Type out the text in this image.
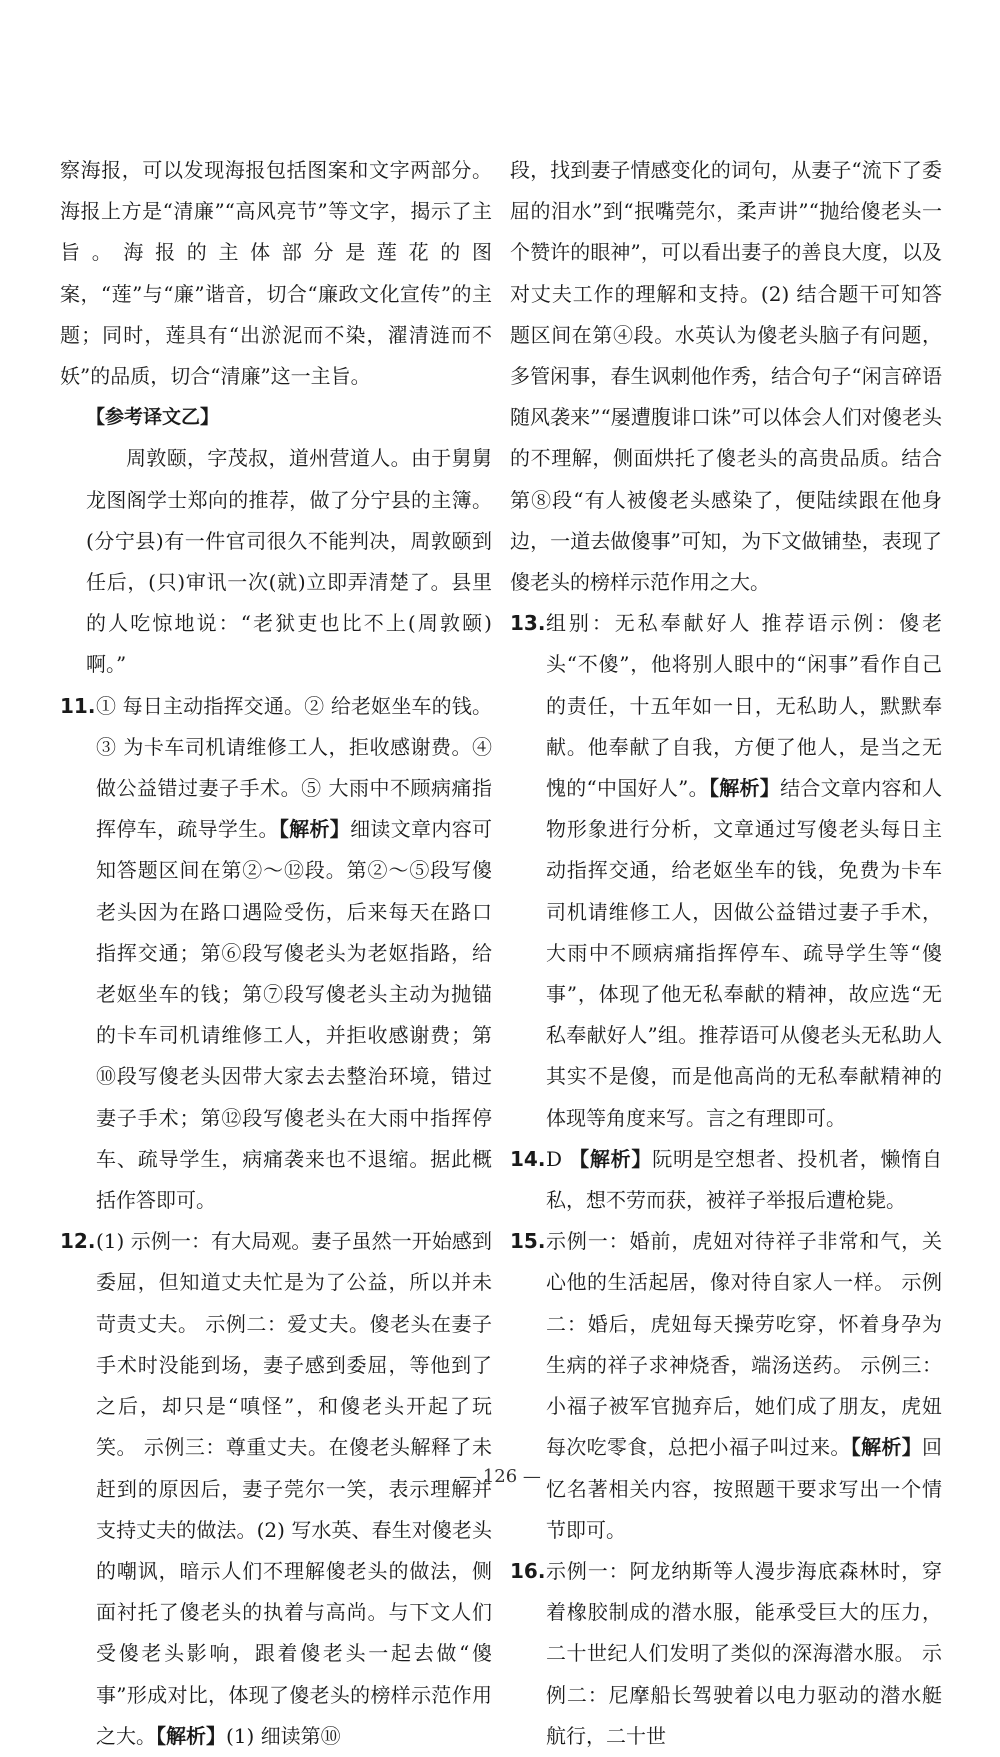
察海报，可以发现海报包括图案和文字两部分。海报上方是“清廉”“高风亮节”等文字，揭示了主旨。海报的主体部分是莲花的图案，“莲”与“廉”谐音，切合“廉政文化宣传”的主题；同时，莲具有“出淤泥而不染，濯清涟而不妖”的品质，切合“清廉”这一主旨。

【参考译文乙】

周敦颐，字茂叔，道州营道人。由于舅舅龙图阁学士郑向的推荐，做了分宁县的主簿。(分宁县)有一件官司很久不能判决，周敦颐到任后，(只)审讯一次(就)立即弄清楚了。县里的人吃惊地说：“老狱吏也比不上(周敦颐)啊。”

11. ① 每日主动指挥交通。② 给老妪坐车的钱。③ 为卡车司机请维修工人，拒收感谢费。④ 做公益错过妻子手术。⑤ 大雨中不顾病痛指挥停车，疏导学生。【解析】细读文章内容可知答题区间在第②～⑫段。第②～⑤段写傻老头因为在路口遇险受伤，后来每天在路口指挥交通；第⑥段写傻老头为老妪指路，给老妪坐车的钱；第⑦段写傻老头主动为抛锚的卡车司机请维修工人，并拒收感谢费；第⑩段写傻老头因带大家去去整治环境，错过妻子手术；第⑫段写傻老头在大雨中指挥停车、疏导学生，病痛袭来也不退缩。据此概括作答即可。

12. (1) 示例一：有大局观。妻子虽然一开始感到委屈，但知道丈夫忙是为了公益，所以并未苛责丈夫。 示例二：爱丈夫。傻老头在妻子手术时没能到场，妻子感到委屈，等他到了之后，却只是“嗔怪”，和傻老头开起了玩笑。 示例三：尊重丈夫。在傻老头解释了未赶到的原因后，妻子莞尔一笑，表示理解并支持丈夫的做法。(2) 写水英、春生对傻老头的嘲讽，暗示人们不理解傻老头的做法，侧面衬托了傻老头的执着与高尚。与下文人们受傻老头影响，跟着傻老头一起去做“傻事”形成对比，体现了傻老头的榜样示范作用之大。【解析】(1) 细读第⑩

段，找到妻子情感变化的词句，从妻子“流下了委屈的泪水”到“抿嘴莞尔，柔声讲”“抛给傻老头一个赞许的眼神”，可以看出妻子的善良大度，以及对丈夫工作的理解和支持。(2) 结合题干可知答题区间在第④段。水英认为傻老头脑子有问题，多管闲事，春生讽刺他作秀，结合句子“闲言碎语随风袭来”“屡遭腹诽口诛”可以体会人们对傻老头的不理解，侧面烘托了傻老头的高贵品质。结合第⑧段“有人被傻老头感染了，便陆续跟在他身边，一道去做傻事”可知，为下文做铺垫，表现了傻老头的榜样示范作用之大。

13. 组别：无私奉献好人 推荐语示例：傻老头“不傻”，他将别人眼中的“闲事”看作自己的责任，十五年如一日，无私助人，默默奉献。他奉献了自我，方便了他人，是当之无愧的“中国好人”。【解析】结合文章内容和人物形象进行分析，文章通过写傻老头每日主动指挥交通，给老妪坐车的钱，免费为卡车司机请维修工人，因做公益错过妻子手术，大雨中不顾病痛指挥停车、疏导学生等“傻事”，体现了他无私奉献的精神，故应选“无私奉献好人”组。推荐语可从傻老头无私助人其实不是傻，而是他高尚的无私奉献精神的体现等角度来写。言之有理即可。

14. D 【解析】阮明是空想者、投机者，懒惰自私，想不劳而获，被祥子举报后遭枪毙。

15. 示例一：婚前，虎妞对待祥子非常和气，关心他的生活起居，像对待自家人一样。 示例二：婚后，虎妞每天操劳吃穿，怀着身孕为生病的祥子求神烧香，端汤送药。 示例三：小福子被军官抛弃后，她们成了朋友，虎妞每次吃零食，总把小福子叫过来。【解析】回忆名著相关内容，按照题干要求写出一个情节即可。

16. 示例一：阿龙纳斯等人漫步海底森林时，穿着橡胶制成的潜水服，能承受巨大的压力，二十世纪人们发明了类似的深海潜水服。 示例二：尼摩船长驾驶着以电力驱动的潜水艇航行，二十世

— 126 —
